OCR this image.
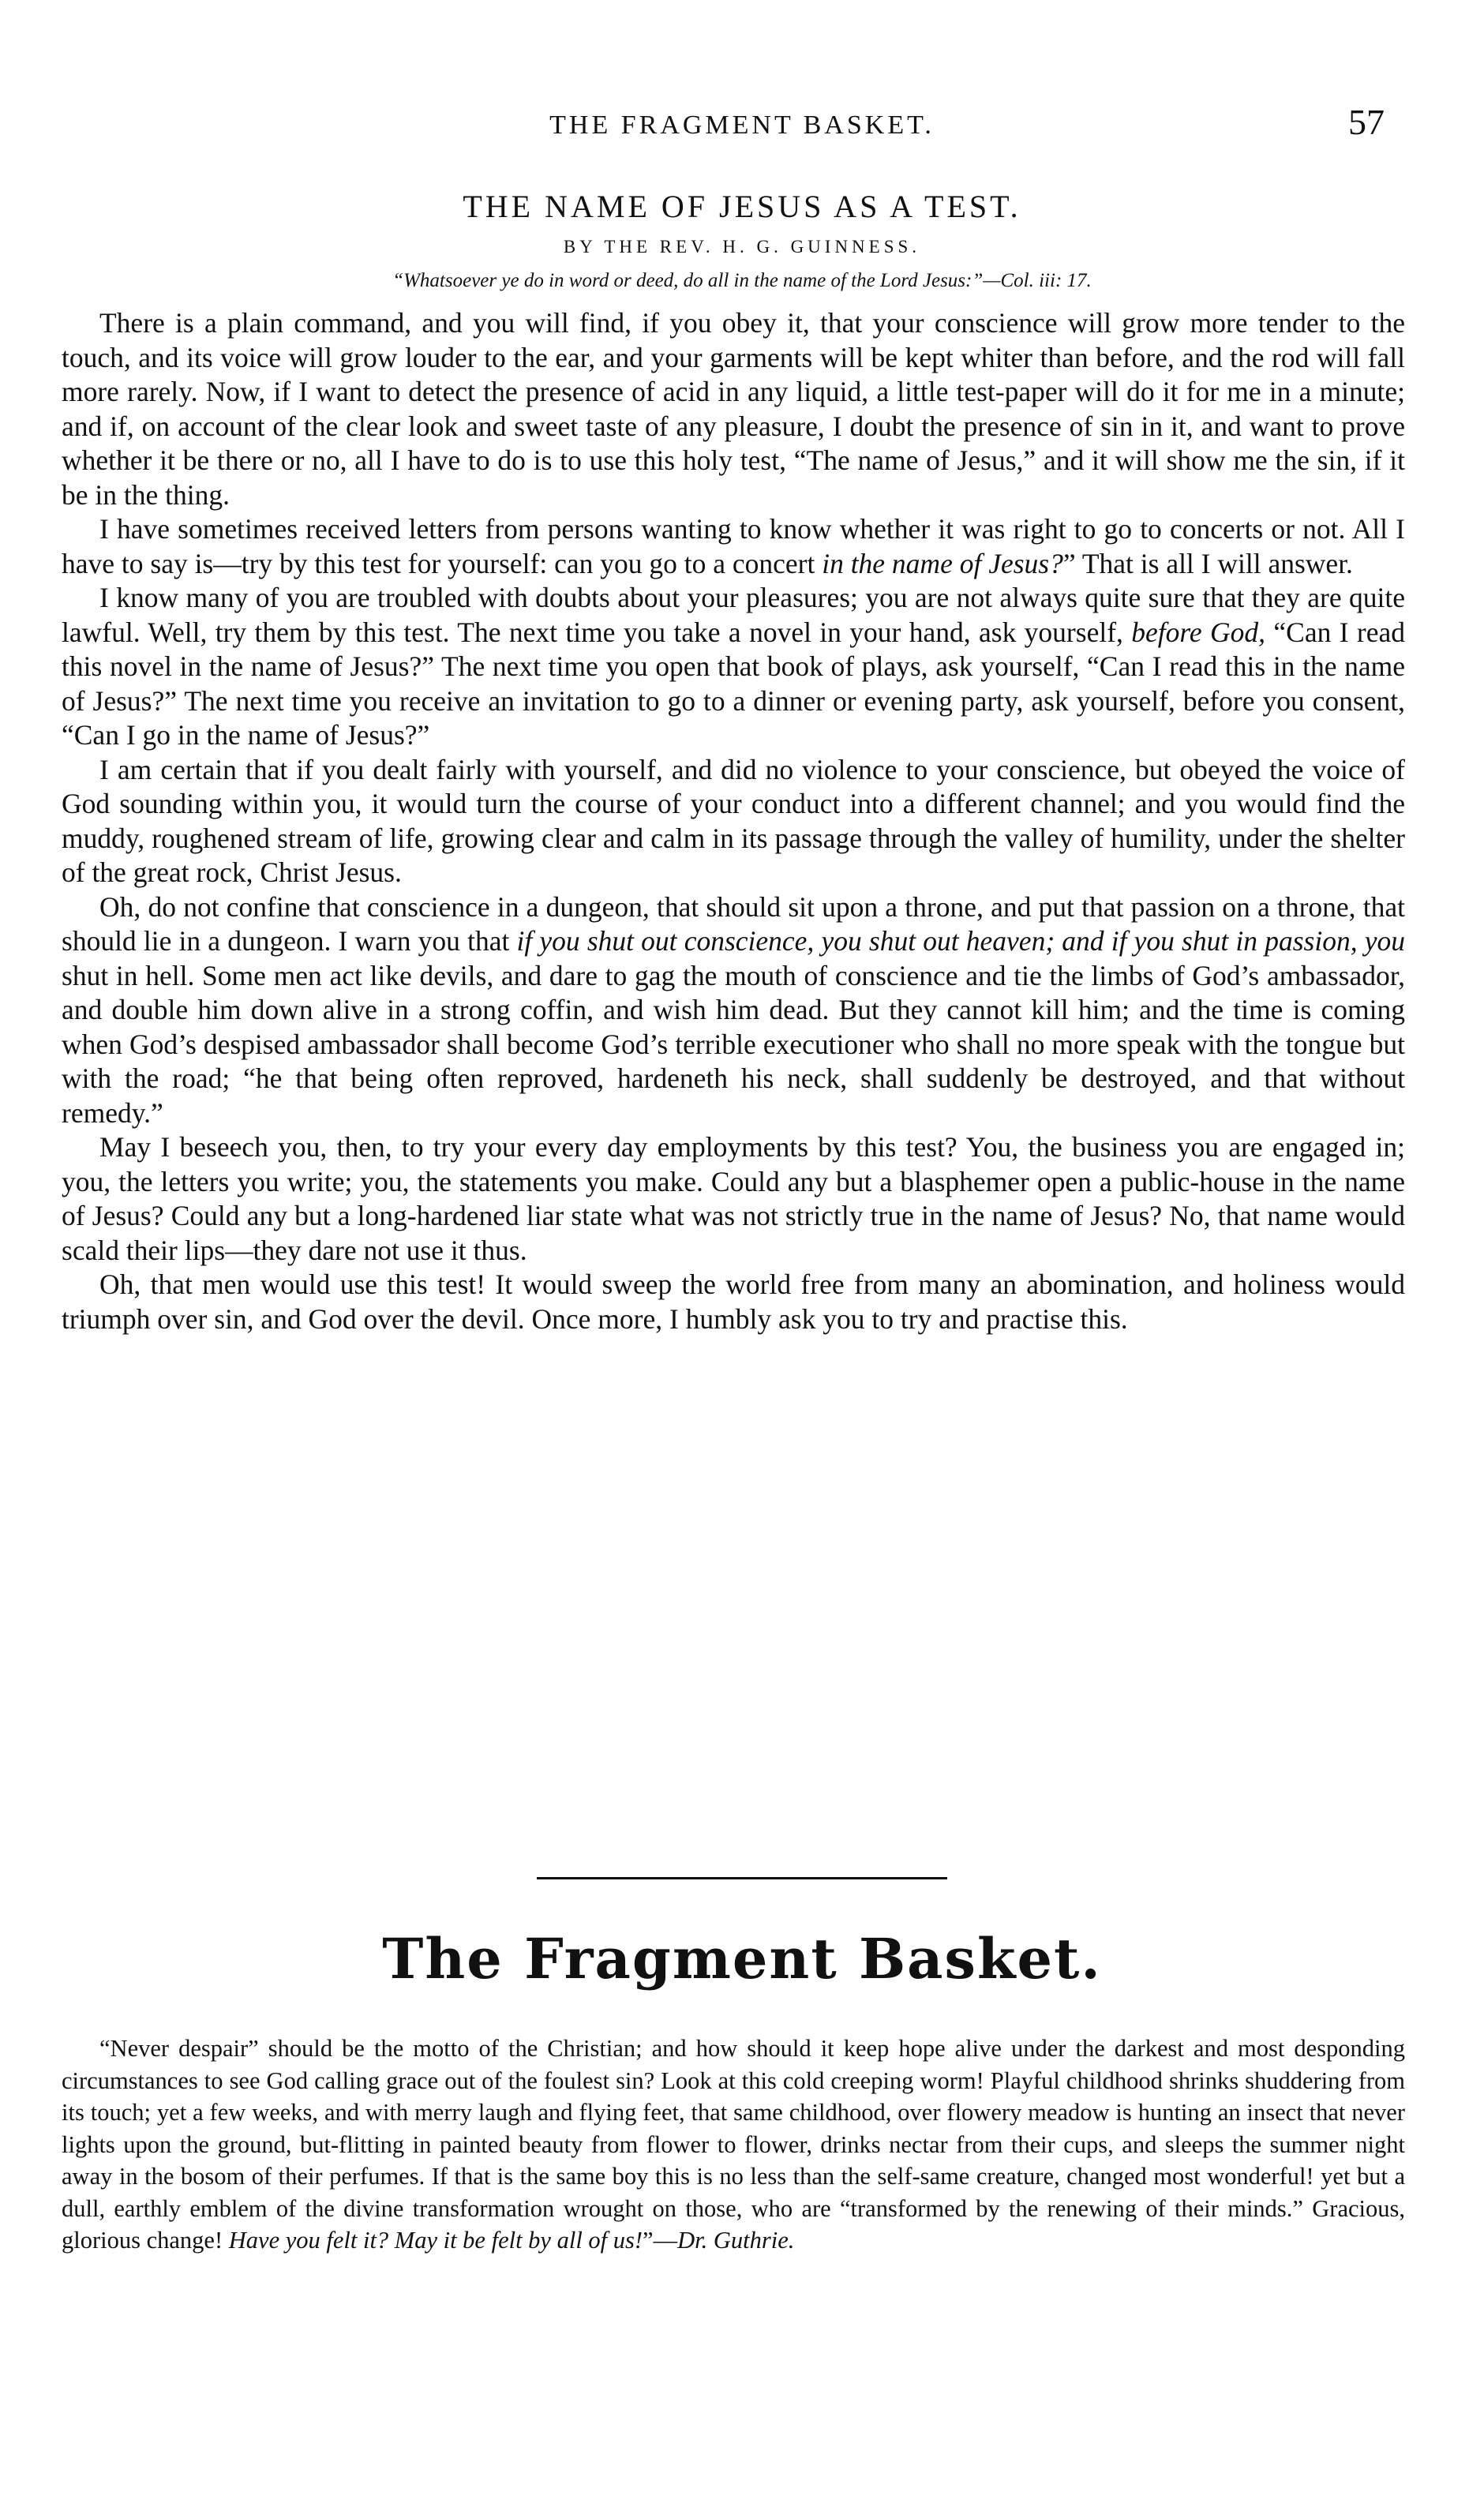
THE FRAGMENT BASKET.	57
THE NAME OF JESUS AS A TEST.
BY THE REV. H. G. GUINNESS.
“Whatsoever ye do in word or deed, do all in the name of the Lord Jesus:”—Col. iii: 17.

There is a plain command, and you will find, if you obey it, that your conscience will grow more tender to the touch, and its voice will grow louder to the ear, and your garments will be kept whiter than before, and the rod will fall more rarely. Now, if I want to detect the presence of acid in any liquid, a little test-paper will do it for me in a minute; and if, on account of the clear look and sweet taste of any pleasure, I doubt the presence of sin in it, and want to prove whether it be there or no, all I have to do is to use this holy test, “The name of Jesus,” and it will show me the sin, if it be in the thing.

I have sometimes received letters from persons wanting to know whether it was right to go to concerts or not. All I have to say is—try by this test for yourself: can you go to a concert in the name of Jesus?” That is all I will answer.

I know many of you are troubled with doubts about your pleasures; you are not always quite sure that they are quite lawful. Well, try them by this test. The next time you take a novel in your hand, ask yourself, before God, “Can I read this novel in the name of Jesus?” The next time you open that book of plays, ask yourself, “Can I read this in the name of Jesus?” The next time you receive an invitation to go to a dinner or evening party, ask yourself, before you consent, “Can I go in the name of Jesus?”

I am certain that if you dealt fairly with yourself, and did no violence to your conscience, but obeyed the voice of God sounding within you, it would turn the course of your conduct into a different channel; and you would find the muddy, roughened stream of life, growing clear and calm in its passage through the valley of humility, under the shelter of the great rock, Christ Jesus.

Oh, do not confine that conscience in a dungeon, that should sit upon a throne, and put that passion on a throne, that should lie in a dungeon. I warn you that if you shut out conscience, you shut out heaven; and if you shut in passion, you shut in hell. Some men act like devils, and dare to gag the mouth of conscience and tie the limbs of God’s ambassador, and double him down alive in a strong coffin, and wish him dead. But they cannot kill him; and the time is coming when God’s despised ambassador shall become God’s terrible executioner who shall no more speak with the tongue but with the road; “he that being often reproved, hardeneth his neck, shall suddenly be destroyed, and that without remedy.”

May I beseech you, then, to try your every day employments by this test? You, the business you are engaged in; you, the letters you write; you, the statements you make. Could any but a blasphemer open a public-house in the name of Jesus? Could any but a long-hardened liar state what was not strictly true in the name of Jesus? No, that name would scald their lips—they dare not use it thus.

Oh, that men would use this test! It would sweep the world free from many an abomination, and holiness would triumph over sin, and God over the devil. Once more, I humbly ask you to try and practise this.

The Fragment Basket.

“Never despair” should be the motto of the Christian; and how should it keep hope alive under the darkest and most desponding circumstances to see God calling grace out of the foulest sin? Look at this cold creeping worm! Playful childhood shrinks shuddering from its touch; yet a few weeks, and with merry laugh and flying feet, that same childhood, over flowery meadow is hunting an insect that never lights upon the ground, but-flitting in painted beauty from flower to flower, drinks nectar from their cups, and sleeps the summer night away in the bosom of their perfumes. If that is the same boy this is no less than the self-same creature, changed most wonderful! yet but a dull, earthly emblem of the divine transformation wrought on those, who are “transformed by the renewing of their minds.” Gracious, glorious change! Have you felt it? May it be felt by all of us!”—Dr. Guthrie.
